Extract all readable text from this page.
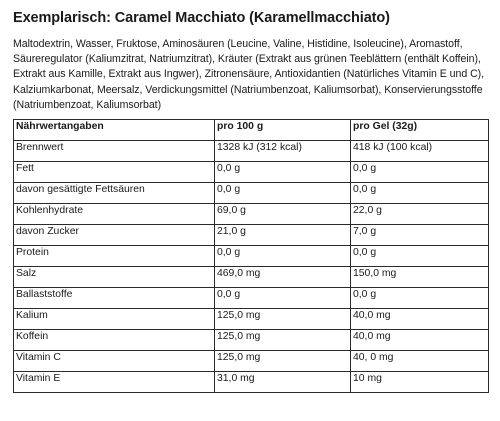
Exemplarisch: Caramel Macchiato (Karamellmacchiato)
Maltodextrin, Wasser, Fruktose, Aminosäuren (Leucine, Valine, Histidine, Isoleucine), Aromastoff,
Säureregulator (Kaliumzitrat, Natriumzitrat), Kräuter (Extrakt aus grünen Teeblättern (enthält Koffein),
Extrakt aus Kamille, Extrakt aus Ingwer), Zitronensäure, Antioxidantien (Natürliches Vitamin E und C),
Kalziumkarbonat, Meersalz, Verdickungsmittel (Natriumbenzoat, Kaliumsorbat), Konservierungsstoffe
(Natriumbenzoat, Kaliumsorbat)
Nährwertangaben	pro 100 g	pro Gel (32g)
Brennwert	1328 kJ (312 kcal)	418 kJ (100 kcal)
Fett	0,0 g	0,0 g
davon gesättigte Fettsäuren	0,0 g	0,0 g
Kohlenhydrate	69,0 g	22,0 g
davon Zucker	21,0 g	7,0 g
Protein	0,0 g	0,0 g
Salz	469,0 mg	150,0 mg
Ballaststoffe	0,0 g	0,0 g
Kalium	125,0 mg	40,0 mg
Koffein	125,0 mg	40,0 mg
Vitamin C	125,0 mg	40, 0 mg
Vitamin E	31,0 mg	10 mg
